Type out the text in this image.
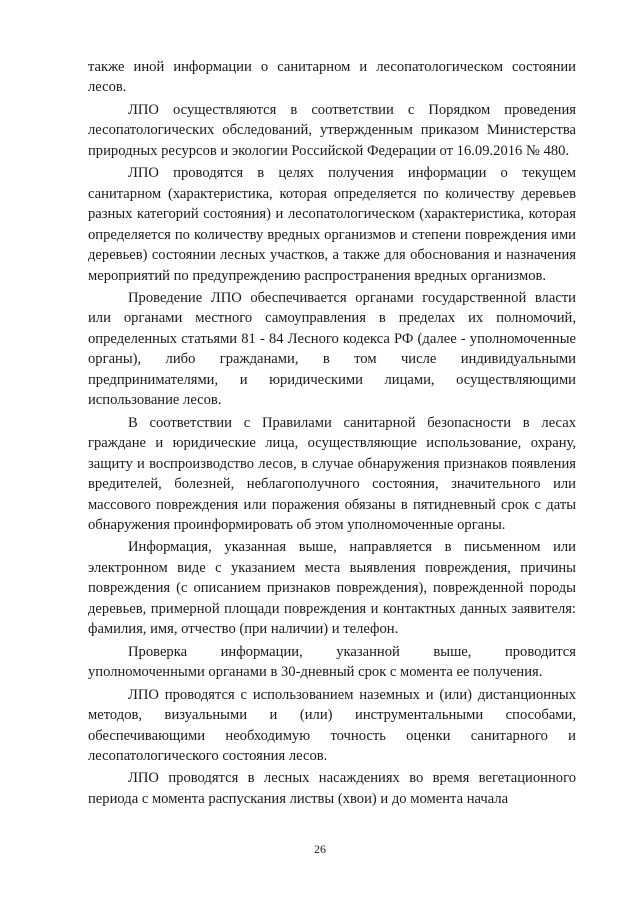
также иной информации о санитарном и лесопатологическом состоянии лесов.

ЛПО осуществляются в соответствии с Порядком проведения лесопатологических обследований, утвержденным приказом Министерства природных ресурсов и экологии Российской Федерации от 16.09.2016 № 480.

ЛПО проводятся в целях получения информации о текущем санитарном (характеристика, которая определяется по количеству деревьев разных категорий состояния) и лесопатологическом (характеристика, которая определяется по количеству вредных организмов и степени повреждения ими деревьев) состоянии лесных участков, а также для обоснования и назначения мероприятий по предупреждению распространения вредных организмов.

Проведение ЛПО обеспечивается органами государственной власти или органами местного самоуправления в пределах их полномочий, определенных статьями 81 - 84 Лесного кодекса РФ (далее - уполномоченные органы), либо гражданами, в том числе индивидуальными предпринимателями, и юридическими лицами, осуществляющими использование лесов.

В соответствии с Правилами санитарной безопасности в лесах граждане и юридические лица, осуществляющие использование, охрану, защиту и воспроизводство лесов, в случае обнаружения признаков появления вредителей, болезней, неблагополучного состояния, значительного или массового повреждения или поражения обязаны в пятидневный срок с даты обнаружения проинформировать об этом уполномоченные органы.

Информация, указанная выше, направляется в письменном или электронном виде с указанием места выявления повреждения, причины повреждения (с описанием признаков повреждения), поврежденной породы деревьев, примерной площади повреждения и контактных данных заявителя: фамилия, имя, отчество (при наличии) и телефон.

Проверка информации, указанной выше, проводится уполномоченными органами в 30-дневный срок с момента ее получения.

ЛПО проводятся с использованием наземных и (или) дистанционных методов, визуальными и (или) инструментальными способами, обеспечивающими необходимую точность оценки санитарного и лесопатологического состояния лесов.

ЛПО проводятся в лесных насаждениях во время вегетационного периода с момента распускания листвы (хвои) и до момента начала

26
